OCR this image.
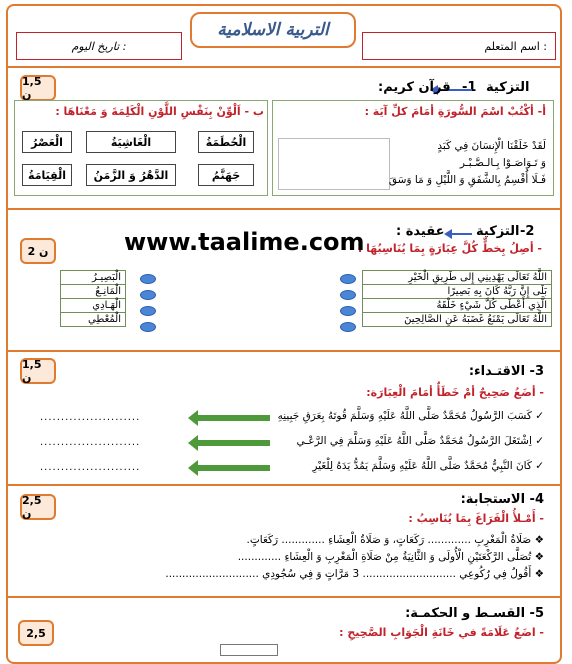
التربية الاسلامية
اسم المتعلم :
تاريخ اليوم :
1,5 ن	1- التزكية
قرآن كريم:
أ- أكْتُبْ اسْمَ السُّورَةِ أمَامَ كلِّ آيَة :
لَقَدْ خَلَقْنَا الْإِنسَانَ فِي كَبَدٍ
وَ تَـوَاصَـوْا بِـالـصَّـبْـر
فَـلَا أُقْسِمُ بِالشَّفَقِ وَ اللَّيْلِ وَ مَا وَسَقَ
ب - اَلْوِّنْ بِنَفْسِ اللَّوْنِ الْكَلِمَةَ وَ مَعْنَاهَا :
الْحُطَمَةُ
الْغَاشِيَةُ
الْعَصْرُ
جَهَنَّمُ
الدَّهْرُ وَ الزَّمَنُ
الْقِيَامَةُ
2 ن
2-
التزكية
عقيدة :
- أصِلُ بِخطٍّ كُلَّ عِبَارَةٍ بِمَا يُنَاسِبُهَا :
www.taalime.com
اللَّهُ تَعَالَى يَهْدِينِي إِلى طَرِيقِ الْخَيْرِ
بَلَى إِنَّ رَبَّهُ كَانَ بِهِ بَصِيرًا
الَّذِي أَعْطَى كُلَّ شَيْءٍ خَلْقَهُ
اللَّهُ تَعَالَى يَمْنَعُ غَضَبَهُ عَنِ الصَّالِحِينَ
الْبَصِيـرُ
الْمَانِـعُ
الْهَـادِي
الْمُعْطِي
1,5 ن	3- الاقتـداء:
- أضَعُ صَحِيحٌ أمْ خَطَأٌ أمَامَ الْعِبَارَة:
✓ كَسَبَ الرَّسُولُ مُحَمَّدٌ صَلَّى اللَّهُ عَلَيْهِ وَسَلَّمَ قُوتَهُ بِعَرَقِ جَبِينِهِ
........................
✓ اِشْتَغَلَ الرَّسُولُ مُحَمَّدٌ صَلَّى اللَّهُ عَلَيْهِ وَسَلَّمَ فِي الرَّعْـي
........................
✓ كَانَ النَّبِيُّ مُحَمَّدٌ صَلَّى اللَّهُ عَلَيْهِ وَسَلَّمَ يَمُدُّ يَدَهُ لِلْغَيْرِ
........................
2,5 ن
4- الاستجابة:
- أَمْـلأُ الْفَرَاغَ بِمَا يُنَاسِبُ :
❖ صَلَاةُ الْمَغْرِبِ ............. رَكَعَاتٍ، وَ صَلَاةُ الْعِشَاءِ ............. رَكَعَاتٍ.
❖ تُصَلَّى الرَّكْعَتَيْنِ الْأُولَى وَ الثَّانِيَةُ مِنْ صَلَاةِ الْمَغْرِبِ وَ الْعِشَاءِ .............
❖ أَقُولُ فِي رُكُوعِي ............................ 3 مَرَّاتٍ وَ فِي سُجُودِي ............................
2,5
5- القسـط و الحكمـة:
- اضَعُ عَلَامَةً في خَانَةِ الْجَوَابِ الصَّحِيحِ :
